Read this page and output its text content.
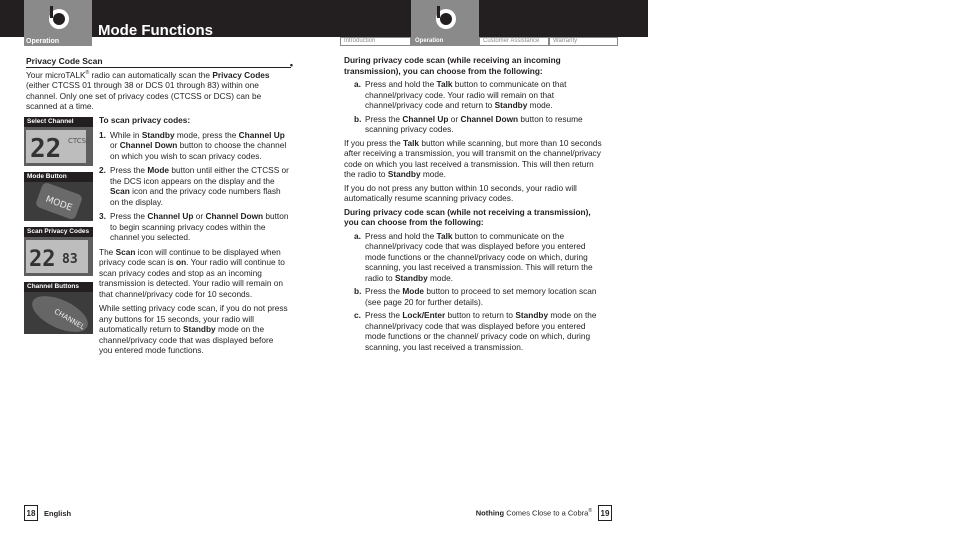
Operation
Mode Functions
Introduction	Operation	Customer Assistance	Warranty
Privacy Code Scan	•
Your microTALK® radio can automatically scan the Privacy Codes (either CTCSS 01 through 38 or DCS 01 through 83) within one channel. Only one set of privacy codes (CTCSS or DCS) can be scanned at a time.
Select Channel
22 CTCSS
Mode Button
MODE
Scan Privacy Codes
22 83
Channel Buttons
CHANNEL

To scan privacy codes:

1. While in Standby mode, press the Channel Up or Channel Down button to choose the channel on which you wish to scan privacy codes.

2. Press the Mode button until either the CTCSS or the DCS icon appears on the display and the Scan icon and the privacy code numbers flash on the display.

3. Press the Channel Up or Channel Down button to begin scanning privacy codes within the channel you selected.

The Scan icon will continue to be displayed when privacy code scan is on. Your radio will continue to scan privacy codes and stop as an incoming transmission is detected. Your radio will remain on that channel/privacy code for 10 seconds.

While setting privacy code scan, if you do not press any buttons for 15 seconds, your radio will automatically return to Standby mode on the channel/privacy code that was displayed before you entered mode functions.

During privacy code scan (while receiving an incoming transmission), you can choose from the following:

a. Press and hold the Talk button to communicate on that channel/privacy code. Your radio will remain on that channel/privacy code and return to Standby mode.

b. Press the Channel Up or Channel Down button to resume scanning privacy codes.

If you press the Talk button while scanning, but more than 10 seconds after receiving a transmission, you will transmit on the channel/privacy code on which you last received a transmission. This will then return the radio to Standby mode.

If you do not press any button within 10 seconds, your radio will automatically resume scanning privacy codes.

During privacy code scan (while not receiving a transmission), you can choose from the following:

a. Press and hold the Talk button to communicate on the channel/privacy code that was displayed before you entered mode functions or the channel/privacy code on which, during scanning, you last received a transmission. This will return the radio to Standby mode.

b. Press the Mode button to proceed to set memory location scan (see page 20 for further details).

c. Press the Lock/Enter button to return to Standby mode on the channel/privacy code that was displayed before you entered mode functions or the channel/ privacy code on which, during scanning, you last received a transmission.

18	English	Nothing Comes Close to a Cobra®	19
